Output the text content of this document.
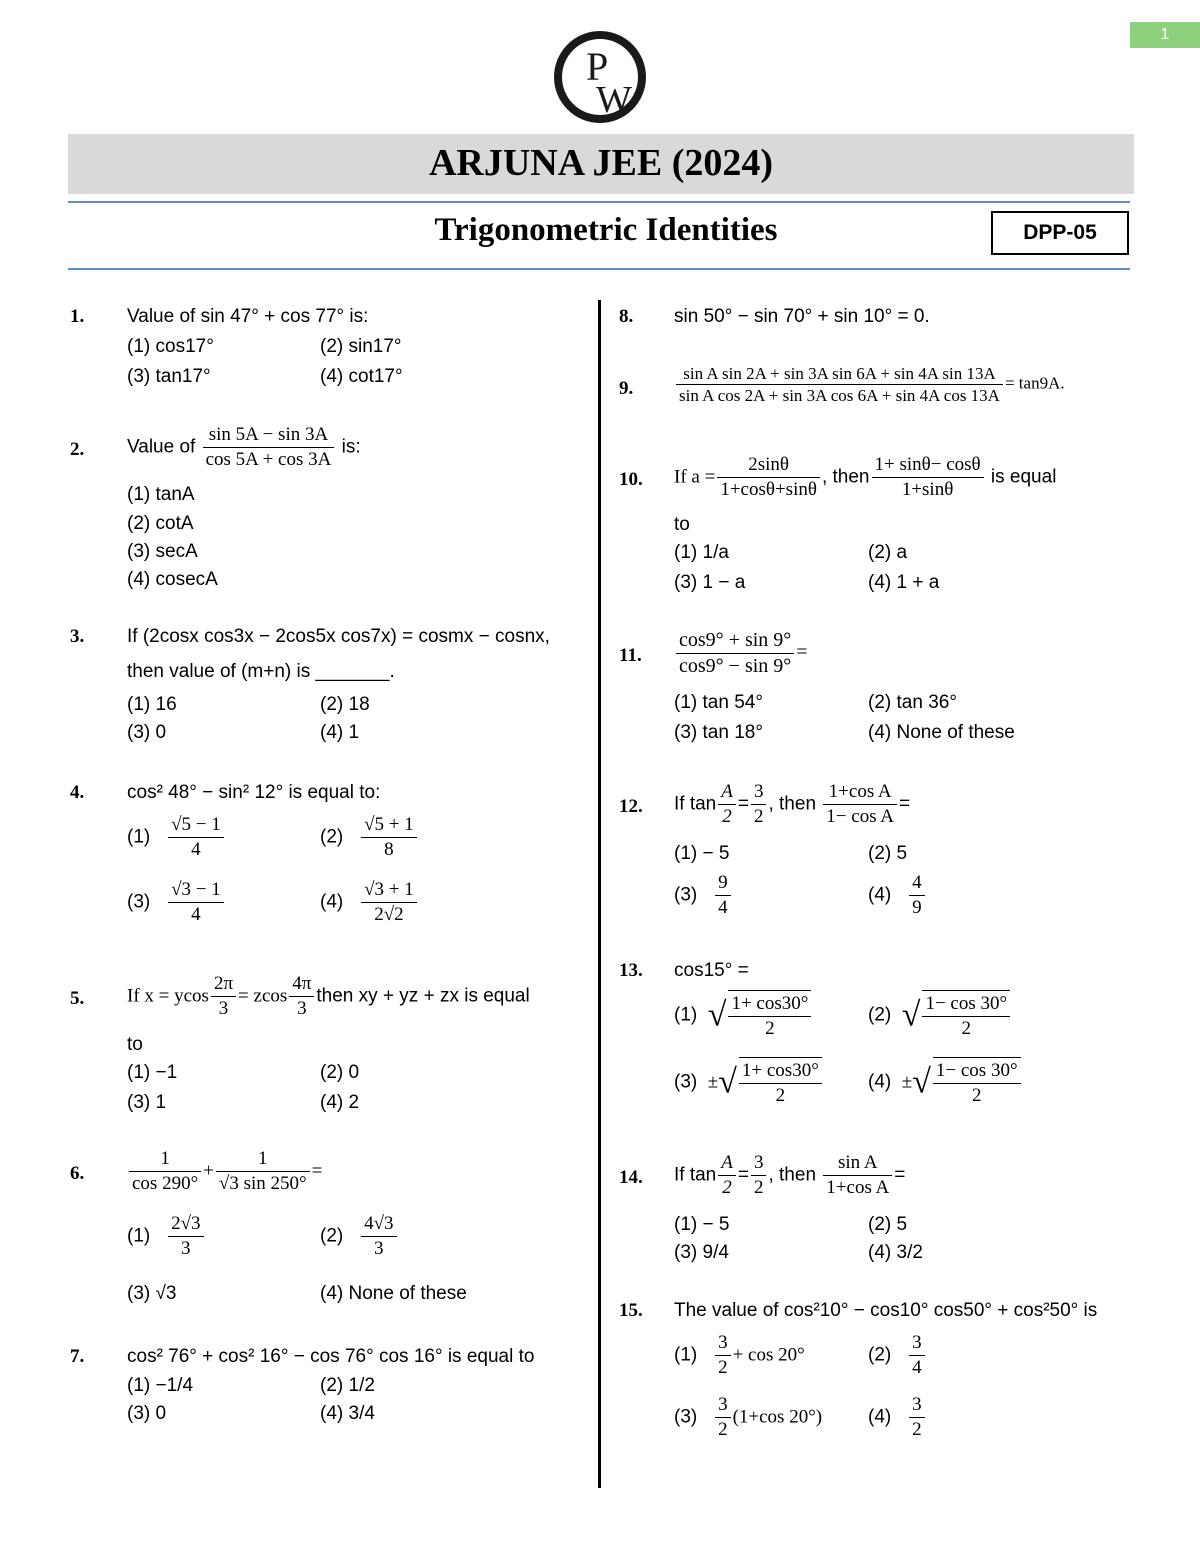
1
P
W
ARJUNA JEE (2024)
Trigonometric Identities	DPP-05
1. Value of sin 47° + cos 77° is:
(1) cos17°	(2) sin17°
(3) tan17°	(4) cot17°
2. Value of $\frac{\sin 5A - \sin 3A}{\cos 5A + \cos 3A}$ is:
(1) tanA
(2) cotA
(3) secA
(4) cosecA
3. If (2cosx cos3x − 2cos5x cos7x) = cosmx − cosnx,
then value of (m+n) is _______.
(1) 16	(2) 18
(3) 0	(4) 1
4. cos² 48° − sin² 12° is equal to:
$(1) \frac{√5 - 1}{4}$	$(2) \frac{√5 + 1}{8}$
$(3) \frac{√3 - 1}{4}$	$(4) \frac{√3 + 1}{2√2}$
5. If x = ycos $\frac{2\pi}{3} = zcos \frac{4\pi}{3}$ then xy + yz + zx is equal
to
(1) −1	(2) 0
(3) 1	(4) 2
6. $\frac{1}{\cos 290^\circ} + \frac{1}{√3 \sin 250^\circ}$ =
$(1) \frac{2√3}{3}$	$(2) \frac{4√3}{3}$
(3) √3	(4) None of these
7. cos² 76° + cos² 16° − cos 76° cos 16° is equal to
(1) −1/4	(2) 1/2
(3) 0	(4) 3/4
8. sin 50° − sin 70° + sin 10° = 0.
9.	$\frac{\text{sin A sin 2A + sin 3A sin 6A + sin 4A sin 13A}}{\text{sin A cos 2A + sin 3A cos 6A + sin 4A cos 13A}} = \tan 9A$.
10. If $a = \frac{2\sin\theta}{1+\cos\theta+\sin\theta}$ , then $\frac{1+ \sin\theta- \cos\theta}{1+\sin\theta}$ is equal
to
(1) 1/a	(2) a
(3) 1 − a	(4) 1 + a
11. $\frac{\cos 9^\circ + \sin 9^\circ}{\cos 9^\circ - \sin 9^\circ}$ =
(1) tan 54°	(2) tan 36°
(3) tan 18°	(4) None of these
12. If $\tan \frac{A}{2} = \frac{3}{2}$ , then $\frac{\text{1+cos A}}{\text{1− cos A}}$ =
(1) − 5	(2) 5
$(3) \frac{9}{4}$	$(4) \frac{4}{9}$
13. cos15° =
(1) √ $\frac{1+ \cos 30^\circ}{2}$	(2) √ $\frac{1- \cos 30^\circ}{2}$
(3) ±√ $\frac{1+ \cos 30^\circ}{2} (4)$ ±√ $\frac{1- \cos 30^\circ}{2}$
14. If $\tan \frac{A}{2} = \frac{3}{2}$ , then $\frac{\text{sin A}}{\text{1+cos A}}$ =
(1) − 5	(2) 5
(3) 9/4	(4) 3/2
15. The value of cos²10° − cos10° cos50° + cos²50° is
$(1) \frac{3}{2} + \cos 20^\circ$	$(2) \frac{3}{4}$
$(3) \frac{3}{2} (1+\cos$ 20°) $(4) \frac{3}{2}$
